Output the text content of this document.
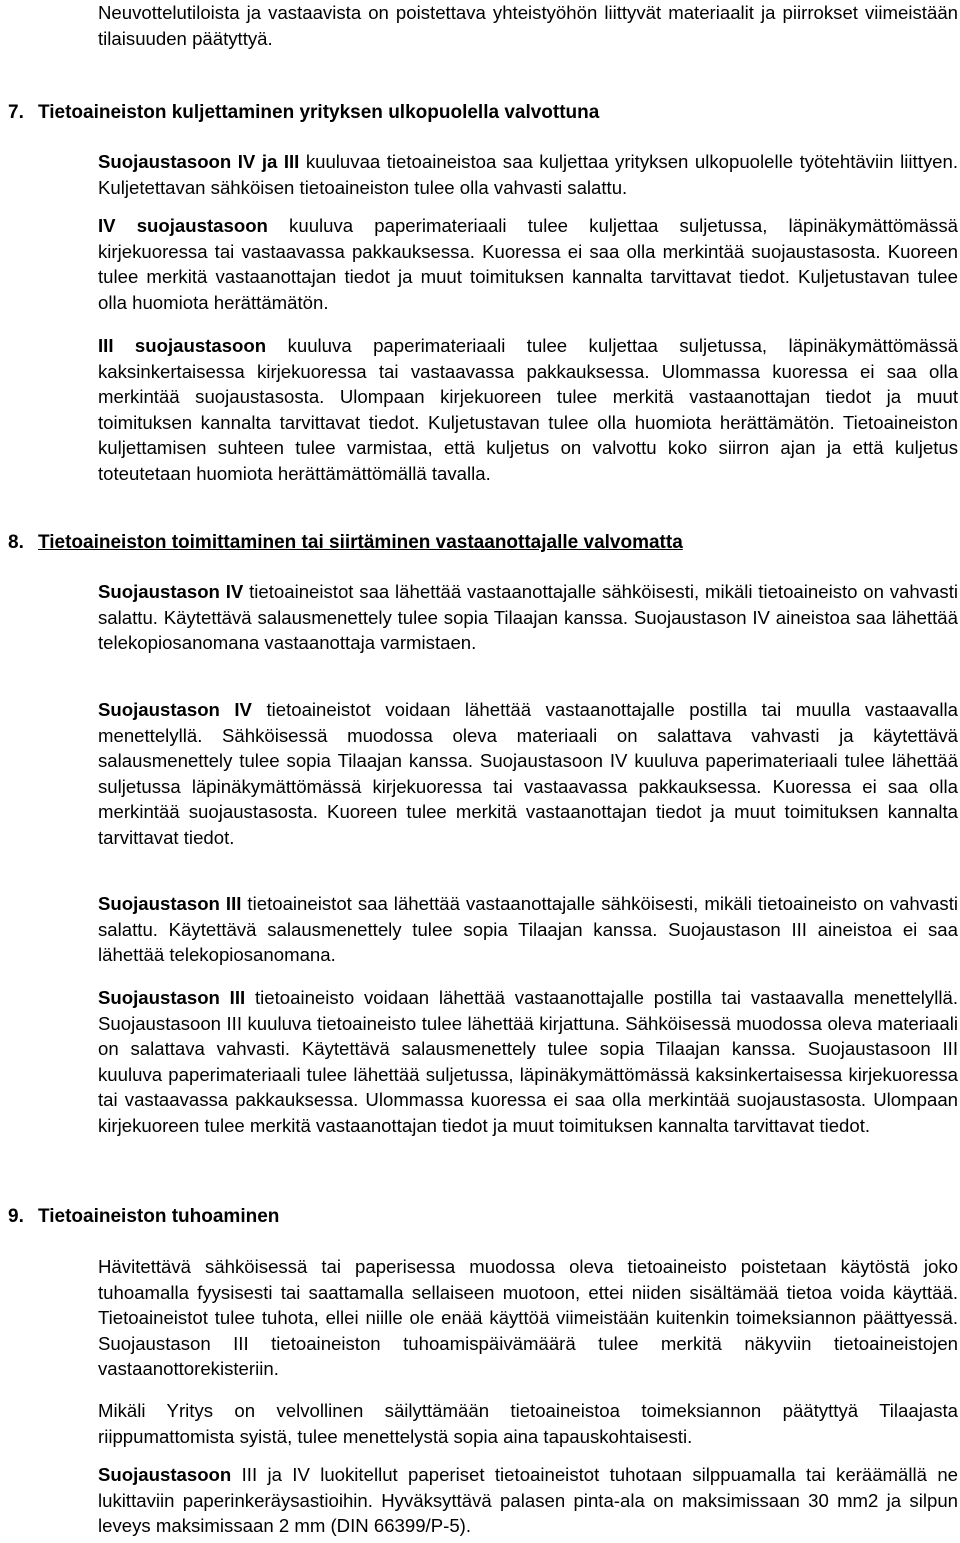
Neuvottelutiloista ja vastaavista on poistettava yhteistyöhön liittyvät materiaalit ja piirrokset viimeistään tilaisuuden päätyttyä.

7. Tietoaineiston kuljettaminen yrityksen ulkopuolella valvottuna

Suojaustasoon IV ja III kuuluvaa tietoaineistoa saa kuljettaa yrityksen ulkopuolelle työtehtäviin liittyen. Kuljetettavan sähköisen tietoaineiston tulee olla vahvasti salattu.

IV suojaustasoon kuuluva paperimateriaali tulee kuljettaa suljetussa, läpinäkymättömässä kirjekuoressa tai vastaavassa pakkauksessa. Kuoressa ei saa olla merkintää suojaustasosta. Kuoreen tulee merkitä vastaanottajan tiedot ja muut toimituksen kannalta tarvittavat tiedot. Kuljetustavan tulee olla huomiota herättämätön.

III suojaustasoon kuuluva paperimateriaali tulee kuljettaa suljetussa, läpinäkymättömässä kaksinkertaisessa kirjekuoressa tai vastaavassa pakkauksessa. Ulommassa kuoressa ei saa olla merkintää suojaustasosta. Ulompaan kirjekuoreen tulee merkitä vastaanottajan tiedot ja muut toimituksen kannalta tarvittavat tiedot. Kuljetustavan tulee olla huomiota herättämätön. Tietoaineiston kuljettamisen suhteen tulee varmistaa, että kuljetus on valvottu koko siirron ajan ja että kuljetus toteutetaan huomiota herättämättömällä tavalla.

8. Tietoaineiston toimittaminen tai siirtäminen vastaanottajalle valvomatta

Suojaustason IV tietoaineistot saa lähettää vastaanottajalle sähköisesti, mikäli tietoaineisto on vahvasti salattu. Käytettävä salausmenettely tulee sopia Tilaajan kanssa. Suojaustason IV aineistoa saa lähettää telekopiosanomana vastaanottaja varmistaen.

Suojaustason IV tietoaineistot voidaan lähettää vastaanottajalle postilla tai muulla vastaavalla menettelyllä. Sähköisessä muodossa oleva materiaali on salattava vahvasti ja käytettävä salausmenettely tulee sopia Tilaajan kanssa. Suojaustasoon IV kuuluva paperimateriaali tulee lähettää suljetussa läpinäkymättömässä kirjekuoressa tai vastaavassa pakkauksessa. Kuoressa ei saa olla merkintää suojaustasosta. Kuoreen tulee merkitä vastaanottajan tiedot ja muut toimituksen kannalta tarvittavat tiedot.

Suojaustason III tietoaineistot saa lähettää vastaanottajalle sähköisesti, mikäli tietoaineisto on vahvasti salattu. Käytettävä salausmenettely tulee sopia Tilaajan kanssa. Suojaustason III aineistoa ei saa lähettää telekopiosanomana.

Suojaustason III tietoaineisto voidaan lähettää vastaanottajalle postilla tai vastaavalla menettelyllä. Suojaustasoon III kuuluva tietoaineisto tulee lähettää kirjattuna. Sähköisessä muodossa oleva materiaali on salattava vahvasti. Käytettävä salausmenettely tulee sopia Tilaajan kanssa. Suojaustasoon III kuuluva paperimateriaali tulee lähettää suljetussa, läpinäkymättömässä kaksinkertaisessa kirjekuoressa tai vastaavassa pakkauksessa. Ulommassa kuoressa ei saa olla merkintää suojaustasosta. Ulompaan kirjekuoreen tulee merkitä vastaanottajan tiedot ja muut toimituksen kannalta tarvittavat tiedot.

9. Tietoaineiston tuhoaminen

Hävitettävä sähköisessä tai paperisessa muodossa oleva tietoaineisto poistetaan käytöstä joko tuhoamalla fyysisesti tai saattamalla sellaiseen muotoon, ettei niiden sisältämää tietoa voida käyttää. Tietoaineistot tulee tuhota, ellei niille ole enää käyttöä viimeistään kuitenkin toimeksiannon päättyessä. Suojaustason III tietoaineiston tuhoamispäivämäärä tulee merkitä näkyviin tietoaineistojen vastaanottorekisteriin.

Mikäli Yritys on velvollinen säilyttämään tietoaineistoa toimeksiannon päätyttyä Tilaajasta riippumattomista syistä, tulee menettelystä sopia aina tapauskohtaisesti.

Suojaustasoon III ja IV luokitellut paperiset tietoaineistot tuhotaan silppuamalla tai keräämällä ne lukittaviin paperinkeräysastioihin. Hyväksyttävä palasen pinta-ala on maksimissaan 30 mm2 ja silpun leveys maksimissaan 2 mm (DIN 66399/P-5).
